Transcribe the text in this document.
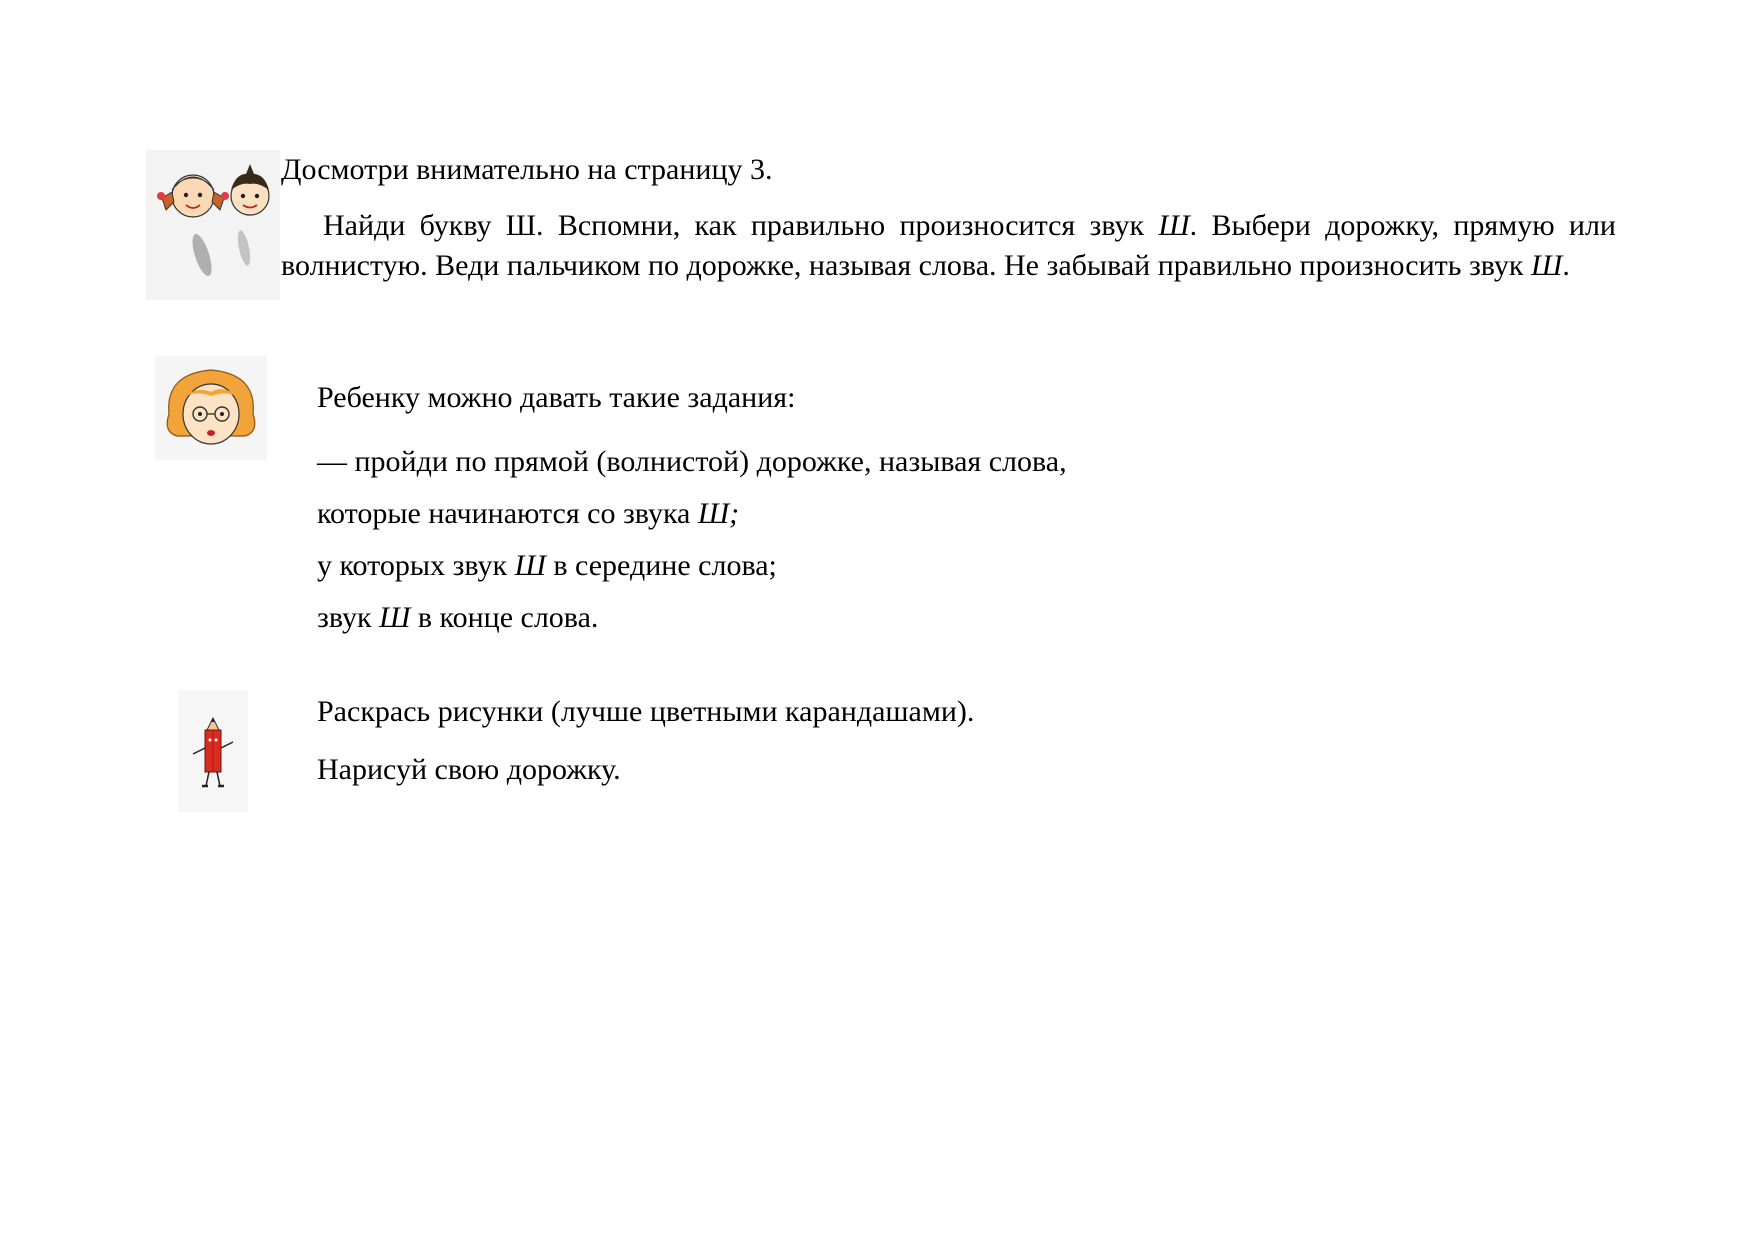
Досмотри внимательно на страницу 3.
Найди букву Ш. Вспомни, как правильно произносится звук Ш. Выбери дорожку, прямую или волнистую. Веди пальчиком по дорожке, называя слова. Не забывай правильно произносить звук Ш.
Ребенку можно давать такие задания:
— пройди по прямой (волнистой) дорожке, называя слова,
которые начинаются со звука Ш;
у которых звук Ш в середине слова;
звук Ш в конце слова.
Раскрась рисунки (лучше цветными карандашами).
Нарисуй свою дорожку.
